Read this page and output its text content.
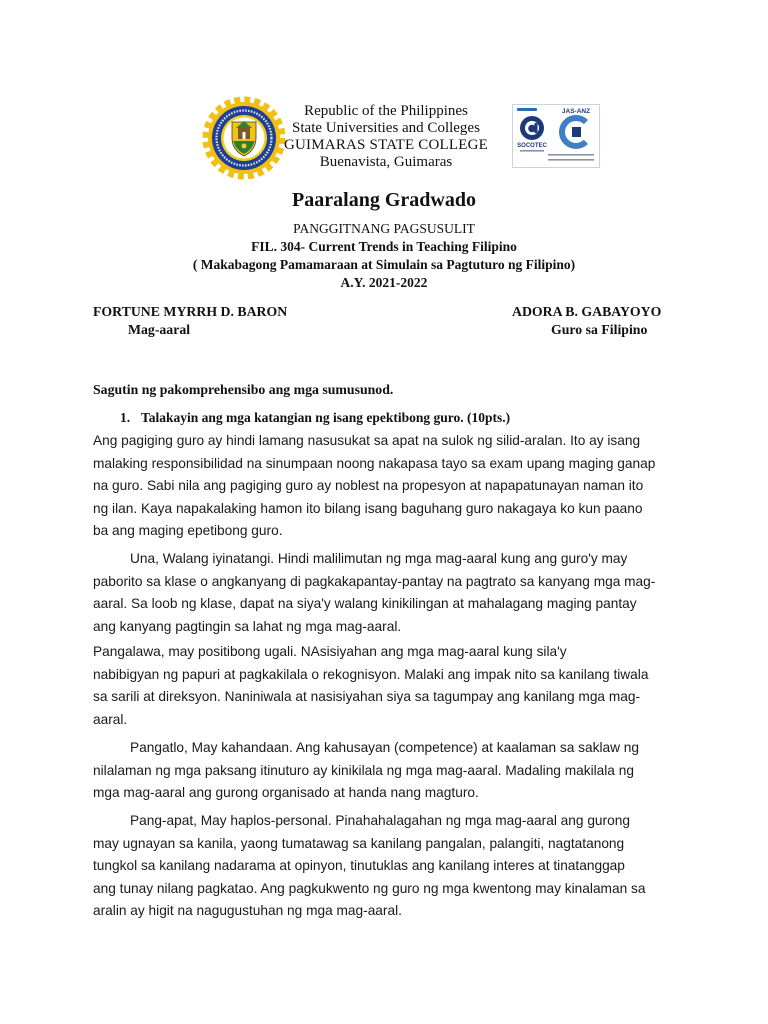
Republic of the Philippines
State Universities and Colleges
GUIMARAS STATE COLLEGE
Buenavista, Guimaras
SOCOTEC
JAS-ANZ
Paaralang Gradwado
PANGGITNANG PAGSUSULIT
FIL. 304- Current Trends in Teaching Filipino
( Makabagong Pamamaraan at Simulain sa Pagtuturo ng Filipino)
A.Y. 2021-2022
FORTUNE MYRRH D. BARON
Mag-aaral
ADORA B. GABAYOYO
Guro sa Filipino
Sagutin ng pakomprehensibo ang mga sumusunod.
1. Talakayin ang mga katangian ng isang epektibong guro. (10pts.)
Ang pagiging guro ay hindi lamang nasusukat sa apat na sulok ng silid-aralan. Ito ay isang
malaking responsibilidad na sinumpaan noong nakapasa tayo sa exam upang maging ganap
na guro. Sabi nila ang pagiging guro ay noblest na propesyon at napapatunayan naman ito
ng ilan. Kaya napakalaking hamon ito bilang isang baguhang guro nakagaya ko kun paano
ba ang maging epetibong guro.
Una, Walang iyinatangi. Hindi malilimutan ng mga mag-aaral kung ang guro'y may
paborito sa klase o angkanyang di pagkakapantay-pantay na pagtrato sa kanyang mga mag-
aaral. Sa loob ng klase, dapat na siya'y walang kinikilingan at mahalagang maging pantay
ang kanyang pagtingin sa lahat ng mga mag-aaral.
Pangalawa, may positibong ugali. NAsisiyahan ang mga mag-aaral kung sila'y
nabibigyan ng papuri at pagkakilala o rekognisyon. Malaki ang impak nito sa kanilang tiwala
sa sarili at direksyon. Naniniwala at nasisiyahan siya sa tagumpay ang kanilang mga mag-
aaral.
Pangatlo, May kahandaan. Ang kahusayan (competence) at kaalaman sa saklaw ng
nilalaman ng mga paksang itinuturo ay kinikilala ng mga mag-aaral. Madaling makilala ng
mga mag-aaral ang gurong organisado at handa nang magturo.
Pang-apat, May haplos-personal. Pinahahalagahan ng mga mag-aaral ang gurong
may ugnayan sa kanila, yaong tumatawag sa kanilang pangalan, palangiti, nagtatanong
tungkol sa kanilang nadarama at opinyon, tinutuklas ang kanilang interes at tinatanggap
ang tunay nilang pagkatao. Ang pagkukwento ng guro ng mga kwentong may kinalaman sa
aralin ay higit na nagugustuhan ng mga mag-aaral.
